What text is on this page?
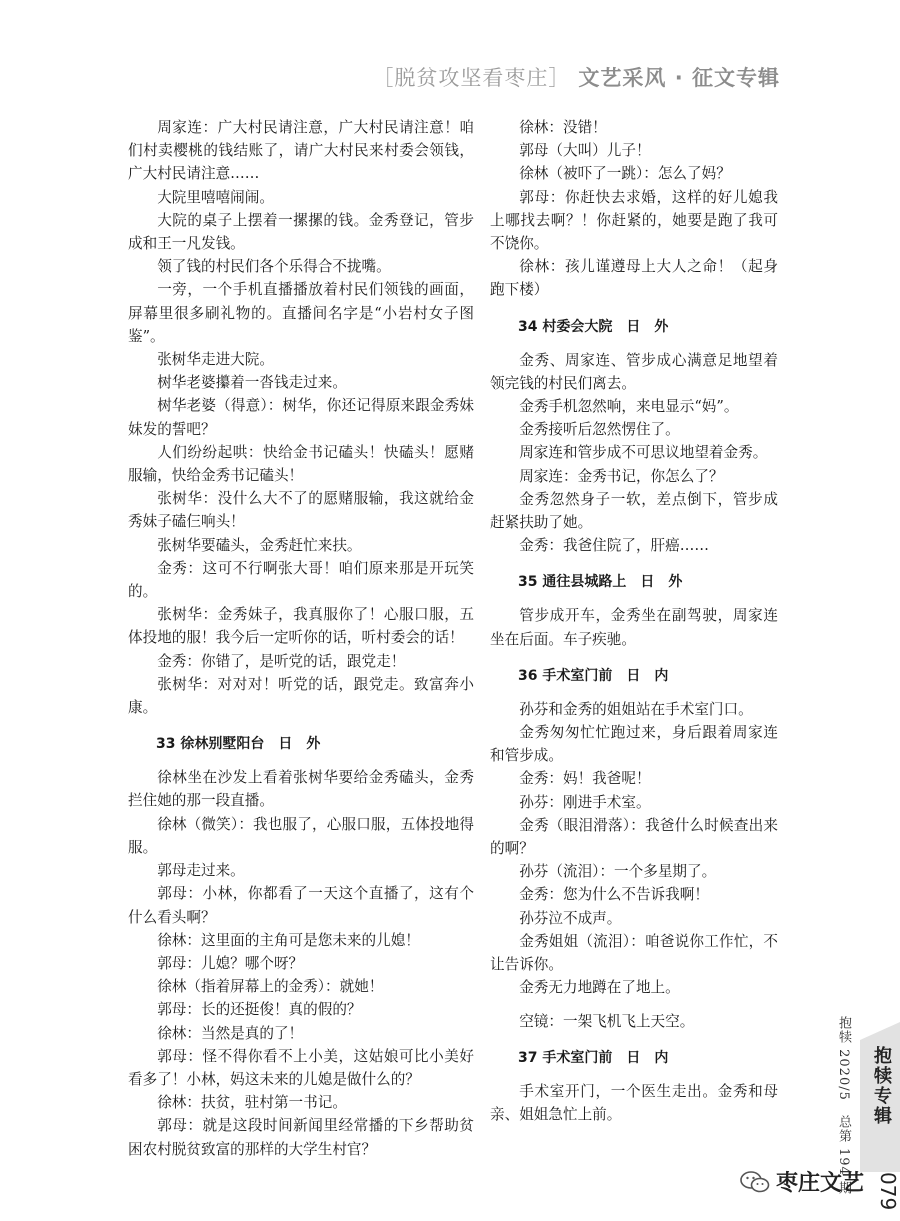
［脱贫攻坚看枣庄］ 文艺采风 · 征文专辑

周家连：广大村民请注意，广大村民请注意！咱们村卖樱桃的钱结账了，请广大村民来村委会领钱，广大村民请注意……

大院里嘻嘻闹闹。

大院的桌子上摆着一摞摞的钱。金秀登记，管步成和王一凡发钱。

领了钱的村民们各个乐得合不拢嘴。

一旁，一个手机直播播放着村民们领钱的画面，屏幕里很多刷礼物的。直播间名字是“小岩村女子图鉴”。

张树华走进大院。

树华老婆攥着一沓钱走过来。

树华老婆（得意）：树华，你还记得原来跟金秀妹妹发的誓吧？

人们纷纷起哄：快给金书记磕头！快磕头！愿赌服输，快给金秀书记磕头！

张树华：没什么大不了的愿赌服输，我这就给金秀妹子磕仨响头！

张树华要磕头，金秀赶忙来扶。

金秀：这可不行啊张大哥！咱们原来那是开玩笑的。

张树华：金秀妹子，我真服你了！心服口服，五体投地的服！我今后一定听你的话，听村委会的话！

金秀：你错了，是听党的话，跟党走！

张树华：对对对！听党的话，跟党走。致富奔小康。

33 徐林别墅阳台　日　外

徐林坐在沙发上看着张树华要给金秀磕头，金秀拦住她的那一段直播。

徐林（微笑）：我也服了，心服口服，五体投地得服。

郭母走过来。

郭母：小林，你都看了一天这个直播了，这有个什么看头啊？

徐林：这里面的主角可是您未来的儿媳！

郭母：儿媳？哪个呀？

徐林（指着屏幕上的金秀）：就她！

郭母：长的还挺俊！真的假的？

徐林：当然是真的了！

郭母：怪不得你看不上小美，这姑娘可比小美好看多了！小林，妈这未来的儿媳是做什么的？

徐林：扶贫，驻村第一书记。

郭母：就是这段时间新闻里经常播的下乡帮助贫困农村脱贫致富的那样的大学生村官？

徐林：没错！

郭母（大叫）儿子！

徐林（被吓了一跳）：怎么了妈？

郭母：你赶快去求婚，这样的好儿媳我上哪找去啊？！你赶紧的，她要是跑了我可不饶你。

徐林：孩儿谨遵母上大人之命！（起身跑下楼）

34 村委会大院　日　外

金秀、周家连、管步成心满意足地望着领完钱的村民们离去。

金秀手机忽然响，来电显示“妈”。

金秀接听后忽然愣住了。

周家连和管步成不可思议地望着金秀。

周家连：金秀书记，你怎么了？

金秀忽然身子一软，差点倒下，管步成赶紧扶助了她。

金秀：我爸住院了，肝癌……

35 通往县城路上　日　外

管步成开车，金秀坐在副驾驶，周家连坐在后面。车子疾驰。

36 手术室门前　日　内

孙芬和金秀的姐姐站在手术室门口。

金秀匆匆忙忙跑过来，身后跟着周家连和管步成。

金秀：妈！我爸呢！

孙芬：刚进手术室。

金秀（眼泪滑落）：我爸什么时候查出来的啊？

孙芬（流泪）：一个多星期了。

金秀：您为什么不告诉我啊！

孙芬泣不成声。

金秀姐姐（流泪）：咱爸说你工作忙，不让告诉你。

金秀无力地蹲在了地上。

空镜：一架飞机飞上天空。

37 手术室门前　日　内

手术室开门，一个医生走出。金秀和母亲、姐姐急忙上前。	抱犊 2020/5　总第 194 期 抱犊专辑
079
枣庄文艺
